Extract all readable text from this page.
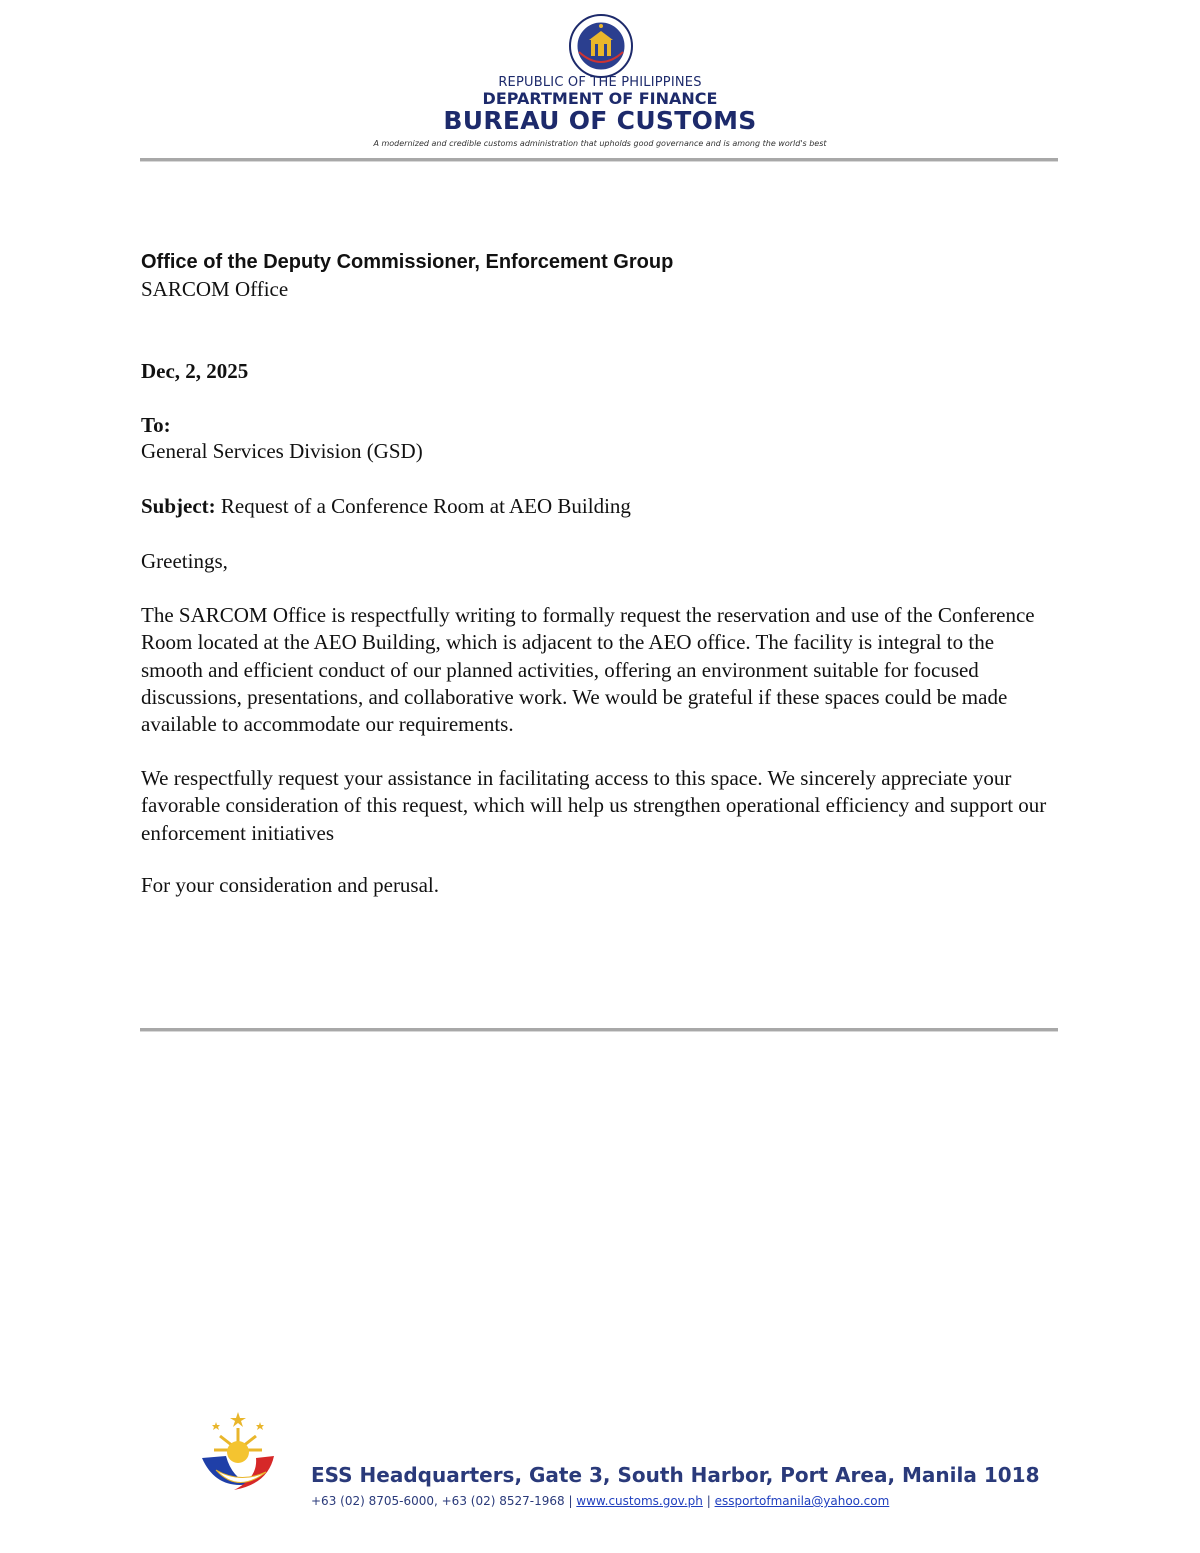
REPUBLIC OF THE PHILIPPINES
DEPARTMENT OF FINANCE
BUREAU OF CUSTOMS
A modernized and credible customs administration that upholds good governance and is among the world's best
Office of the Deputy Commissioner, Enforcement Group
SARCOM Office
Dec, 2, 2025
To:
General Services Division (GSD)
Subject: Request of a Conference Room at AEO Building
Greetings,
The SARCOM Office is respectfully writing to formally request the reservation and use of the Conference Room located at the AEO Building, which is adjacent to the AEO office. The facility is integral to the smooth and efficient conduct of our planned activities, offering an environment suitable for focused discussions, presentations, and collaborative work. We would be grateful if these spaces could be made available to accommodate our requirements.
We respectfully request your assistance in facilitating access to this space. We sincerely appreciate your favorable consideration of this request, which will help us strengthen operational efficiency and support our enforcement initiatives
For your consideration and perusal.
ESS Headquarters, Gate 3, South Harbor, Port Area, Manila 1018
+63 (02) 8705-6000, +63 (02) 8527-1968 | www.customs.gov.ph | essportofmanila@yahoo.com
